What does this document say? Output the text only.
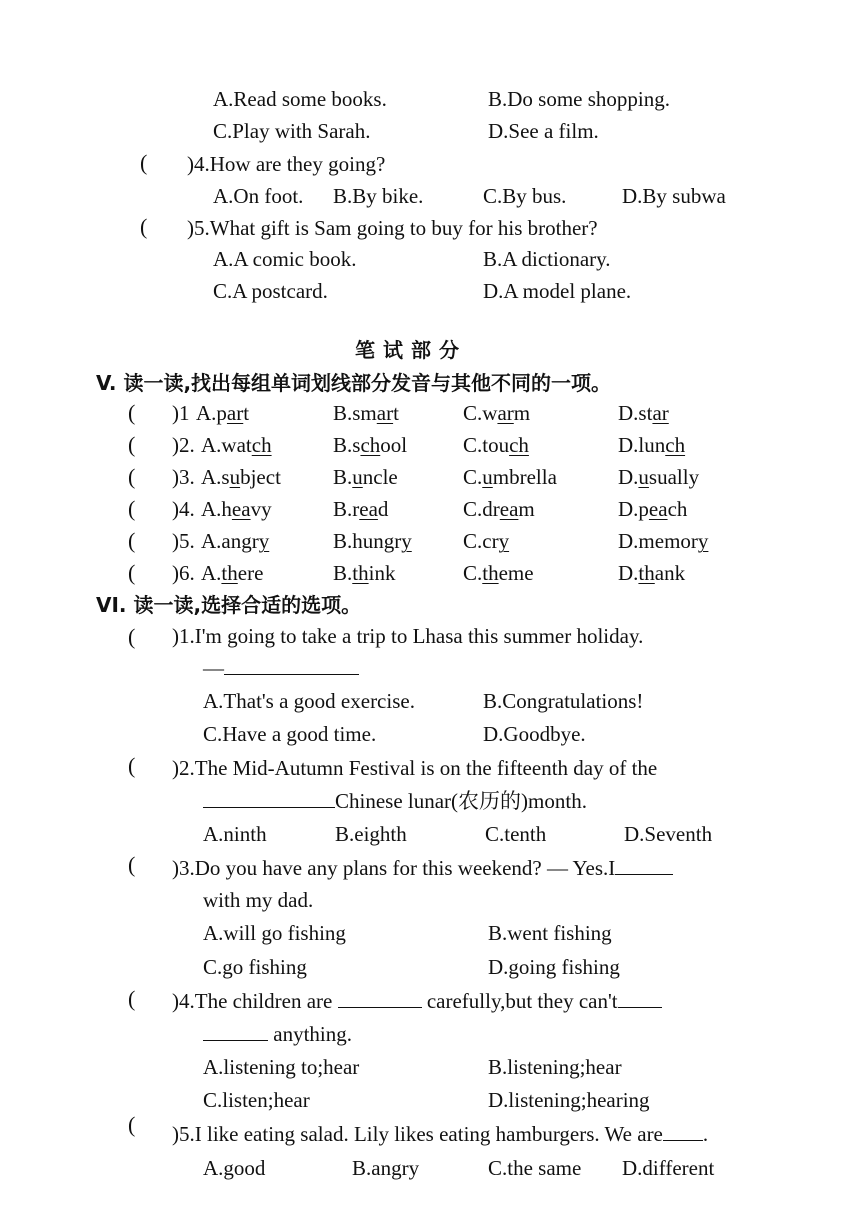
A.Read some books.	B.Do some shopping.
C.Play with Sarah.	D.See a film.
( )4.How are they going?
A.On foot. B.By bike.	C.By bus.	D.By subwa
( )5.What gift is Sam going to buy for his brother?
A.A comic book.	B.A dictionary.
C.A postcard.	D.A model plane.
笔试部分
V. 读一读,找出每组单词划线部分发音与其他不同的一项。
( )1 A.part	B.smart	C.warm	D.star
( )2. A.watch	B.school	C.touch	D.lunch
( )3. A.subject B.uncle	C.umbrella	D.usually
( )4. A.heavy	B.read	C.dream	D.peach
( )5. A.angry	B.hungry C.cry	D.memory
( )6. A.there	B.think	C.theme	D.thank
VI. 读一读,选择合适的选项。
( )1.I'm going to take a trip to Lhasa this summer holiday.
—
A.That's a good exercise.	B.Congratulations!
C.Have a good time.	D.Goodbye.
( )2.The Mid-Autumn Festival is on the fifteenth day of the
Chinese lunar(农历的)month.
A.ninth	B.eighth	C.tenth	D.Seventh
( )3.Do you have any plans for this weekend? — Yes.I
with my dad.
A.will go fishing	B.went fishing
C.go fishing	D.going fishing
( )4.The children are	carefully,but they can't
anything.
A.listening to;hear	B.listening;hear
C.listen;hear	D.listening;hearing
( )5.I like eating salad. Lily likes eating hamburgers. We are .
A.good	B.angry	C.the same D.different
